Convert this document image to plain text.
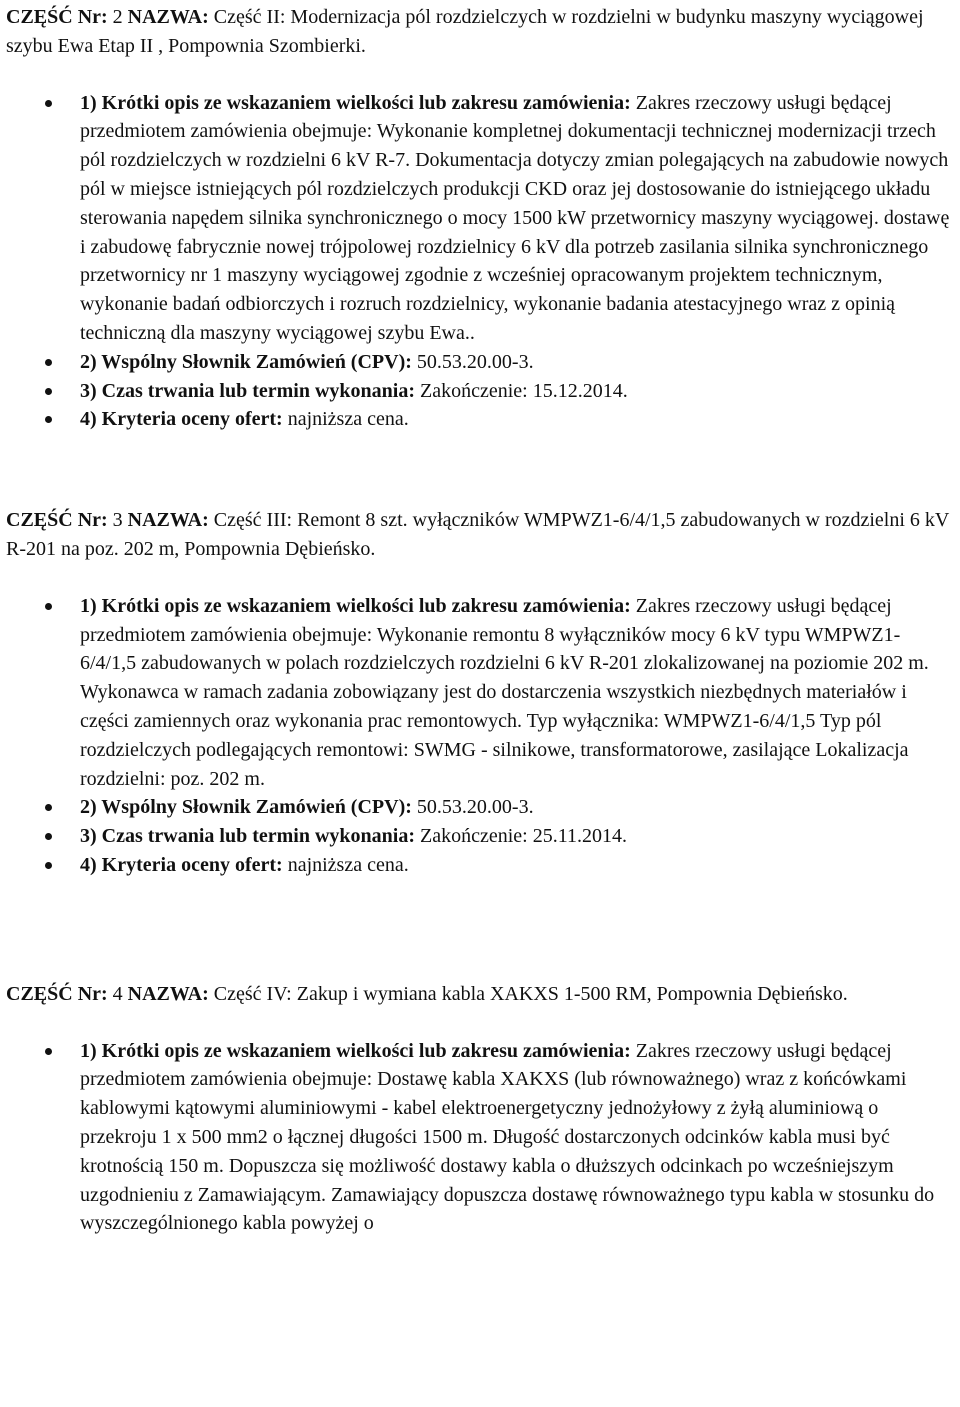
CZĘŚĆ Nr: 2 NAZWA: Część II: Modernizacja pól rozdzielczych w rozdzielni w budynku maszyny wyciągowej szybu Ewa Etap II , Pompownia Szombierki.

1) Krótki opis ze wskazaniem wielkości lub zakresu zamówienia: Zakres rzeczowy usługi będącej przedmiotem zamówienia obejmuje: Wykonanie kompletnej dokumentacji technicznej modernizacji trzech pól rozdzielczych w rozdzielni 6 kV R-7. Dokumentacja dotyczy zmian polegających na zabudowie nowych pól w miejsce istniejących pól rozdzielczych produkcji CKD oraz jej dostosowanie do istniejącego układu sterowania napędem silnika synchronicznego o mocy 1500 kW przetwornicy maszyny wyciągowej. dostawę i zabudowę fabrycznie nowej trójpolowej rozdzielnicy 6 kV dla potrzeb zasilania silnika synchronicznego przetwornicy nr 1 maszyny wyciągowej zgodnie z wcześniej opracowanym projektem technicznym, wykonanie badań odbiorczych i rozruch rozdzielnicy, wykonanie badania atestacyjnego wraz z opinią techniczną dla maszyny wyciągowej szybu Ewa..
2) Wspólny Słownik Zamówień (CPV): 50.53.20.00-3.
3) Czas trwania lub termin wykonania: Zakończenie: 15.12.2014.
4) Kryteria oceny ofert: najniższa cena.

CZĘŚĆ Nr: 3 NAZWA: Część III: Remont 8 szt. wyłączników WMPWZ1-6/4/1,5 zabudowanych w rozdzielni 6 kV R-201 na poz. 202 m, Pompownia Dębieńsko.

1) Krótki opis ze wskazaniem wielkości lub zakresu zamówienia: Zakres rzeczowy usługi będącej przedmiotem zamówienia obejmuje: Wykonanie remontu 8 wyłączników mocy 6 kV typu WMPWZ1-6/4/1,5 zabudowanych w polach rozdzielczych rozdzielni 6 kV R-201 zlokalizowanej na poziomie 202 m. Wykonawca w ramach zadania zobowiązany jest do dostarczenia wszystkich niezbędnych materiałów i części zamiennych oraz wykonania prac remontowych. Typ wyłącznika: WMPWZ1-6/4/1,5 Typ pól rozdzielczych podlegających remontowi: SWMG - silnikowe, transformatorowe, zasilające Lokalizacja rozdzielni: poz. 202 m.
2) Wspólny Słownik Zamówień (CPV): 50.53.20.00-3.
3) Czas trwania lub termin wykonania: Zakończenie: 25.11.2014.
4) Kryteria oceny ofert: najniższa cena.

CZĘŚĆ Nr: 4 NAZWA: Część IV: Zakup i wymiana kabla XAKXS 1-500 RM, Pompownia Dębieńsko.

1) Krótki opis ze wskazaniem wielkości lub zakresu zamówienia: Zakres rzeczowy usługi będącej przedmiotem zamówienia obejmuje: Dostawę kabla XAKXS (lub równoważnego) wraz z końcówkami kablowymi kątowymi aluminiowymi - kabel elektroenergetyczny jednożyłowy z żyłą aluminiową o przekroju 1 x 500 mm2 o łącznej długości 1500 m. Długość dostarczonych odcinków kabla musi być krotnością 150 m. Dopuszcza się możliwość dostawy kabla o dłuższych odcinkach po wcześniejszym uzgodnieniu z Zamawiającym. Zamawiający dopuszcza dostawę równoważnego typu kabla w stosunku do wyszczególnionego kabla powyżej o
